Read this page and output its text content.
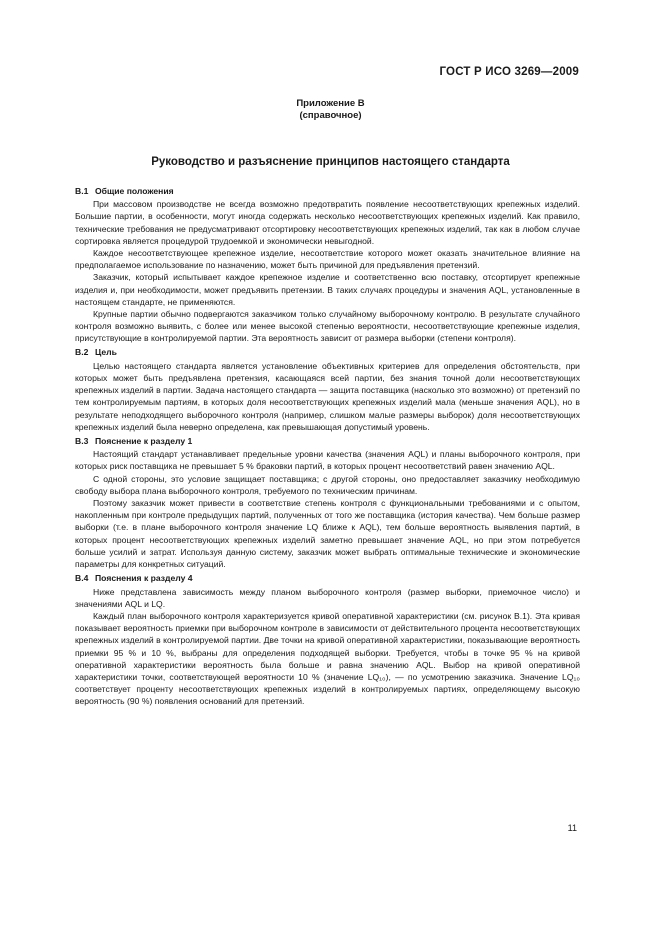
ГОСТ Р ИСО 3269—2009
Приложение В
(справочное)
Руководство и разъяснение принципов настоящего стандарта
В.1 Общие положения

При массовом производстве не всегда возможно предотвратить появление несоответствующих крепежных изделий. Большие партии, в особенности, могут иногда содержать несколько несоответствующих крепежных изделий. Как правило, технические требования не предусматривают отсортировку несоответствующих крепежных изделий, так как в любом случае сортировка является процедурой трудоемкой и экономически невыгодной.

Каждое несоответствующее крепежное изделие, несоответствие которого может оказать значительное влияние на предполагаемое использование по назначению, может быть причиной для предъявления претензий.

Заказчик, который испытывает каждое крепежное изделие и соответственно всю поставку, отсортирует крепежные изделия и, при необходимости, может предъявить претензии. В таких случаях процедуры и значения AQL, установленные в настоящем стандарте, не применяются.

Крупные партии обычно подвергаются заказчиком только случайному выборочному контролю. В результате случайного контроля возможно выявить, с более или менее высокой степенью вероятности, несоответствующие крепежные изделия, присутствующие в контролируемой партии. Эта вероятность зависит от размера выборки (степени контроля).

В.2 Цель

Целью настоящего стандарта является установление объективных критериев для определения обстоятельств, при которых может быть предъявлена претензия, касающаяся всей партии, без знания точной доли несоответствующих крепежных изделий в партии. Задача настоящего стандарта — защита поставщика (насколько это возможно) от претензий по тем контролируемым партиям, в которых доля несоответствующих крепежных изделий мала (меньше значения AQL), но в результате неподходящего выборочного контроля (например, слишком малые размеры выборок) доля несоответствующих крепежных изделий была неверно определена, как превышающая допустимый уровень.

В.3 Пояснение к разделу 1

Настоящий стандарт устанавливает предельные уровни качества (значения AQL) и планы выборочного контроля, при которых риск поставщика не превышает 5 % браковки партий, в которых процент несоответствий равен значению AQL.

С одной стороны, это условие защищает поставщика; с другой стороны, оно предоставляет заказчику необходимую свободу выбора плана выборочного контроля, требуемого по техническим причинам.

Поэтому заказчик может привести в соответствие степень контроля с функциональными требованиями и с опытом, накопленным при контроле предыдущих партий, полученных от того же поставщика (история качества). Чем больше размер выборки (т.е. в плане выборочного контроля значение LQ ближе к AQL), тем больше вероятность выявления партий, в которых процент несоответствующих крепежных изделий заметно превышает значение AQL, но при этом потребуется больше усилий и затрат. Используя данную систему, заказчик может выбрать оптимальные технические и экономические параметры для конкретных ситуаций.

В.4 Пояснения к разделу 4

Ниже представлена зависимость между планом выборочного контроля (размер выборки, приемочное число) и значениями AQL и LQ.

Каждый план выборочного контроля характеризуется кривой оперативной характеристики (см. рисунок В.1). Эта кривая показывает вероятность приемки при выборочном контроле в зависимости от действительного процента несоответствующих крепежных изделий в контролируемой партии. Две точки на кривой оперативной характеристики, показывающие вероятность приемки 95 % и 10 %, выбраны для определения подходящей выборки. Требуется, чтобы в точке 95 % на кривой оперативной характеристики вероятность была больше и равна значению AQL. Выбор на кривой оперативной характеристики точки, соответствующей вероятности 10 % (значение LQ₁₀), — по усмотрению заказчика. Значение LQ₁₀ соответствует проценту несоответствующих крепежных изделий в контролируемых партиях, определяющему высокую вероятность (90 %) появления оснований для претензий.

11
